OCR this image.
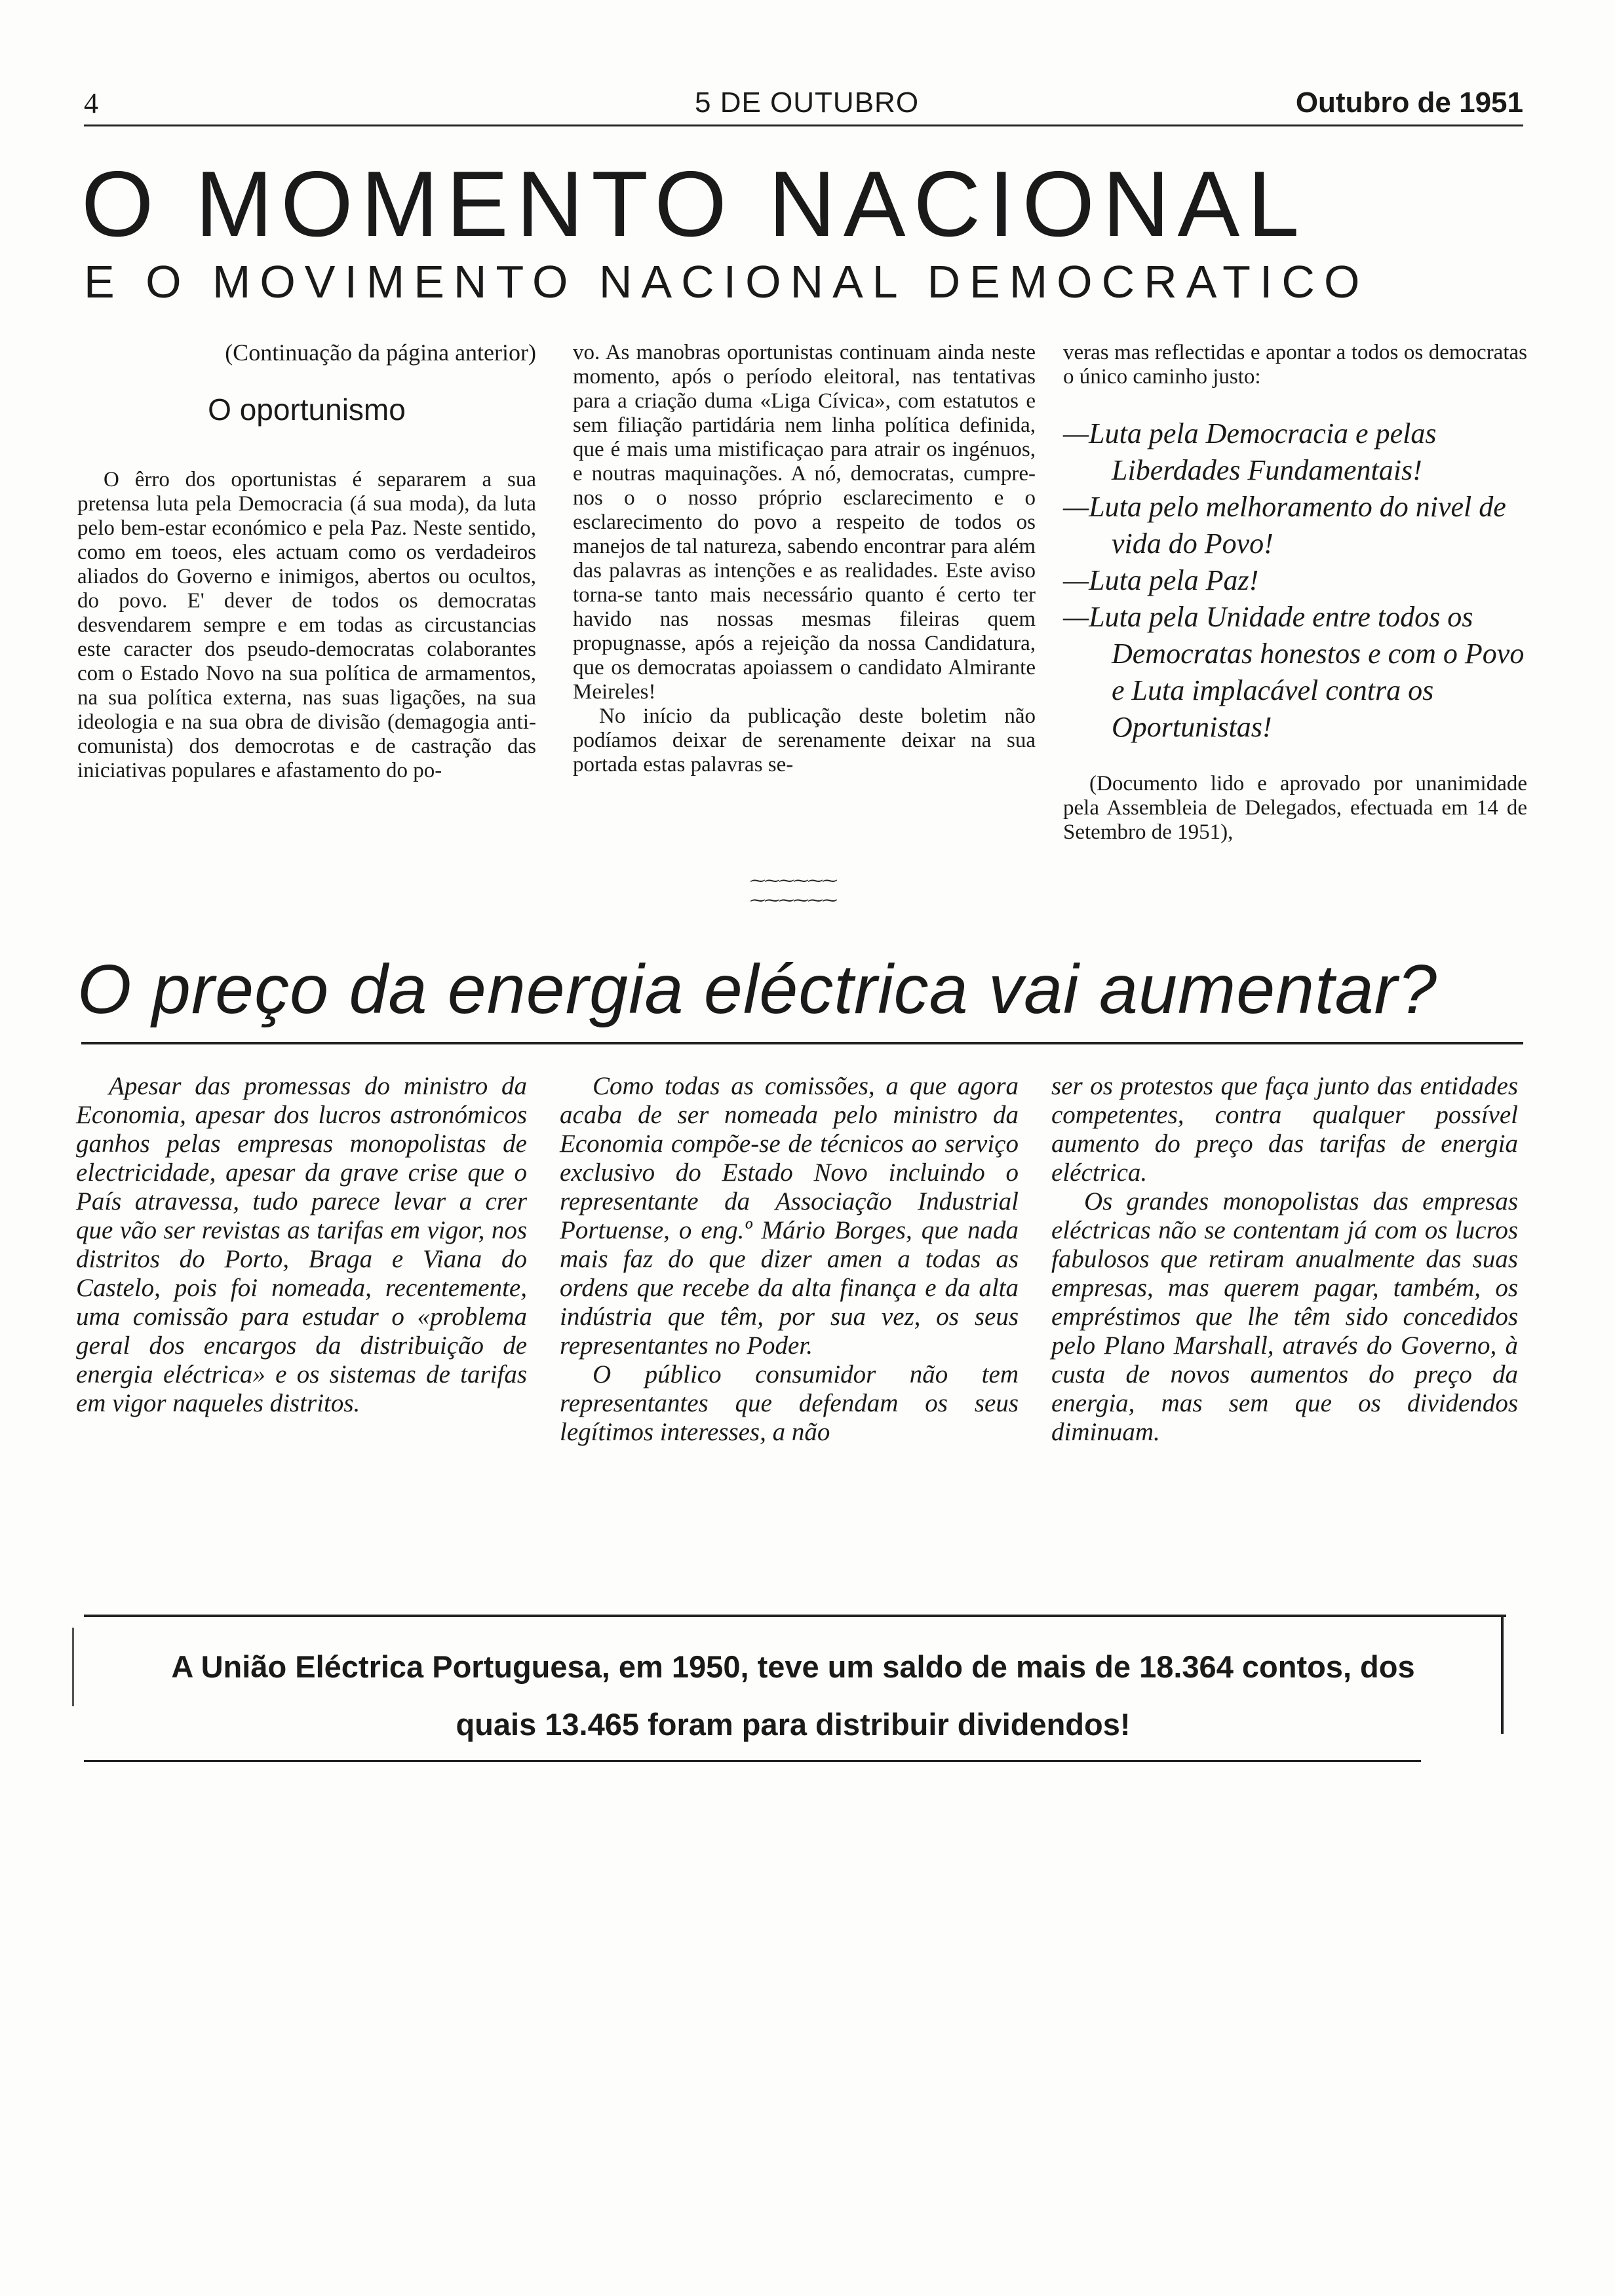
4	5 DE OUTUBRO	Outubro de 1951
O MOMENTO NACIONAL
E O MOVIMENTO NACIONAL DEMOCRATICO

(Continuação da página anterior)

O oportunismo

O êrro dos oportunistas é separarem a sua pretensa luta pela Democracia (á sua moda), da luta pelo bem-estar económico e pela Paz. Neste sentido, como em toeos, eles actuam como os verdadeiros aliados do Governo e inimigos, abertos ou ocultos, do povo. E' dever de todos os democratas desvendarem sempre e em todas as circustancias este caracter dos pseudo-democratas colaborantes com o Estado Novo na sua política de armamentos, na sua política externa, nas suas ligações, na sua ideologia e na sua obra de divisão (demagogia anti-comunista) dos democrotas e de castração das iniciativas populares e afastamento do po-

vo. As manobras oportunistas continuam ainda neste momento, após o período eleitoral, nas tentativas para a criação duma «Liga Cívica», com estatutos e sem filiação partidária nem linha política definida, que é mais uma mistificaçao para atrair os ingénuos, e noutras maquinações. A nó, democratas, cumpre-nos o o nosso próprio esclarecimento e o esclarecimento do povo a respeito de todos os manejos de tal natureza, sabendo encontrar para além das palavras as intenções e as realidades. Este aviso torna-se tanto mais necessário quanto é certo ter havido nas nossas mesmas fileiras quem propugnasse, após a rejeição da nossa Candidatura, que os democratas apoiassem o candidato Almirante Meireles!

No início da publicação deste boletim não podíamos deixar de serenamente deixar na sua portada estas palavras se-

veras mas reflectidas e apontar a todos os democratas o único caminho justo:

— Luta pela Democracia e pelas Liberdades Fundamentais!
— Luta pelo melhoramento do nivel de vida do Povo!
— Luta pela Paz!
— Luta pela Unidade entre todos os Democratas honestos e com o Povo e Luta implacável contra os Oportunistas!

(Documento lido e aprovado por unanimidade pela Assembleia de Delegados, efectuada em 14 de Setembro de 1951),

⁓⁓⁓⁓⁓⁓
⁓⁓⁓⁓⁓⁓
O preço da energia eléctrica vai aumentar?

Apesar das promessas do ministro da Economia, apesar dos lucros astronómicos ganhos pelas empresas monopolistas de electricidade, apesar da grave crise que o País atravessa, tudo parece levar a crer que vão ser revistas as tarifas em vigor, nos distritos do Porto, Braga e Viana do Castelo, pois foi nomeada, recentemente, uma comissão para estudar o «problema geral dos encargos da distribuição de energia eléctrica» e os sistemas de tarifas em vigor naqueles distritos.

Como todas as comissões, a que agora acaba de ser nomeada pelo ministro da Economia compõe-se de técnicos ao serviço exclusivo do Estado Novo incluindo o representante da Associação Industrial Portuense, o eng.º Mário Borges, que nada mais faz do que dizer amen a todas as ordens que recebe da alta finança e da alta indústria que têm, por sua vez, os seus representantes no Poder.

O público consumidor não tem representantes que defendam os seus legítimos interesses, a não

ser os protestos que faça junto das entidades competentes, contra qualquer possível aumento do preço das tarifas de energia eléctrica.

Os grandes monopolistas das empresas eléctricas não se contentam já com os lucros fabulosos que retiram anualmente das suas empresas, mas querem pagar, também, os empréstimos que lhe têm sido concedidos pelo Plano Marshall, através do Governo, à custa de novos aumentos do preço da energia, mas sem que os dividendos diminuam.

A União Eléctrica Portuguesa, em 1950, teve um saldo de mais de 18.364 contos, dos
quais 13.465 foram para distribuir dividendos!
